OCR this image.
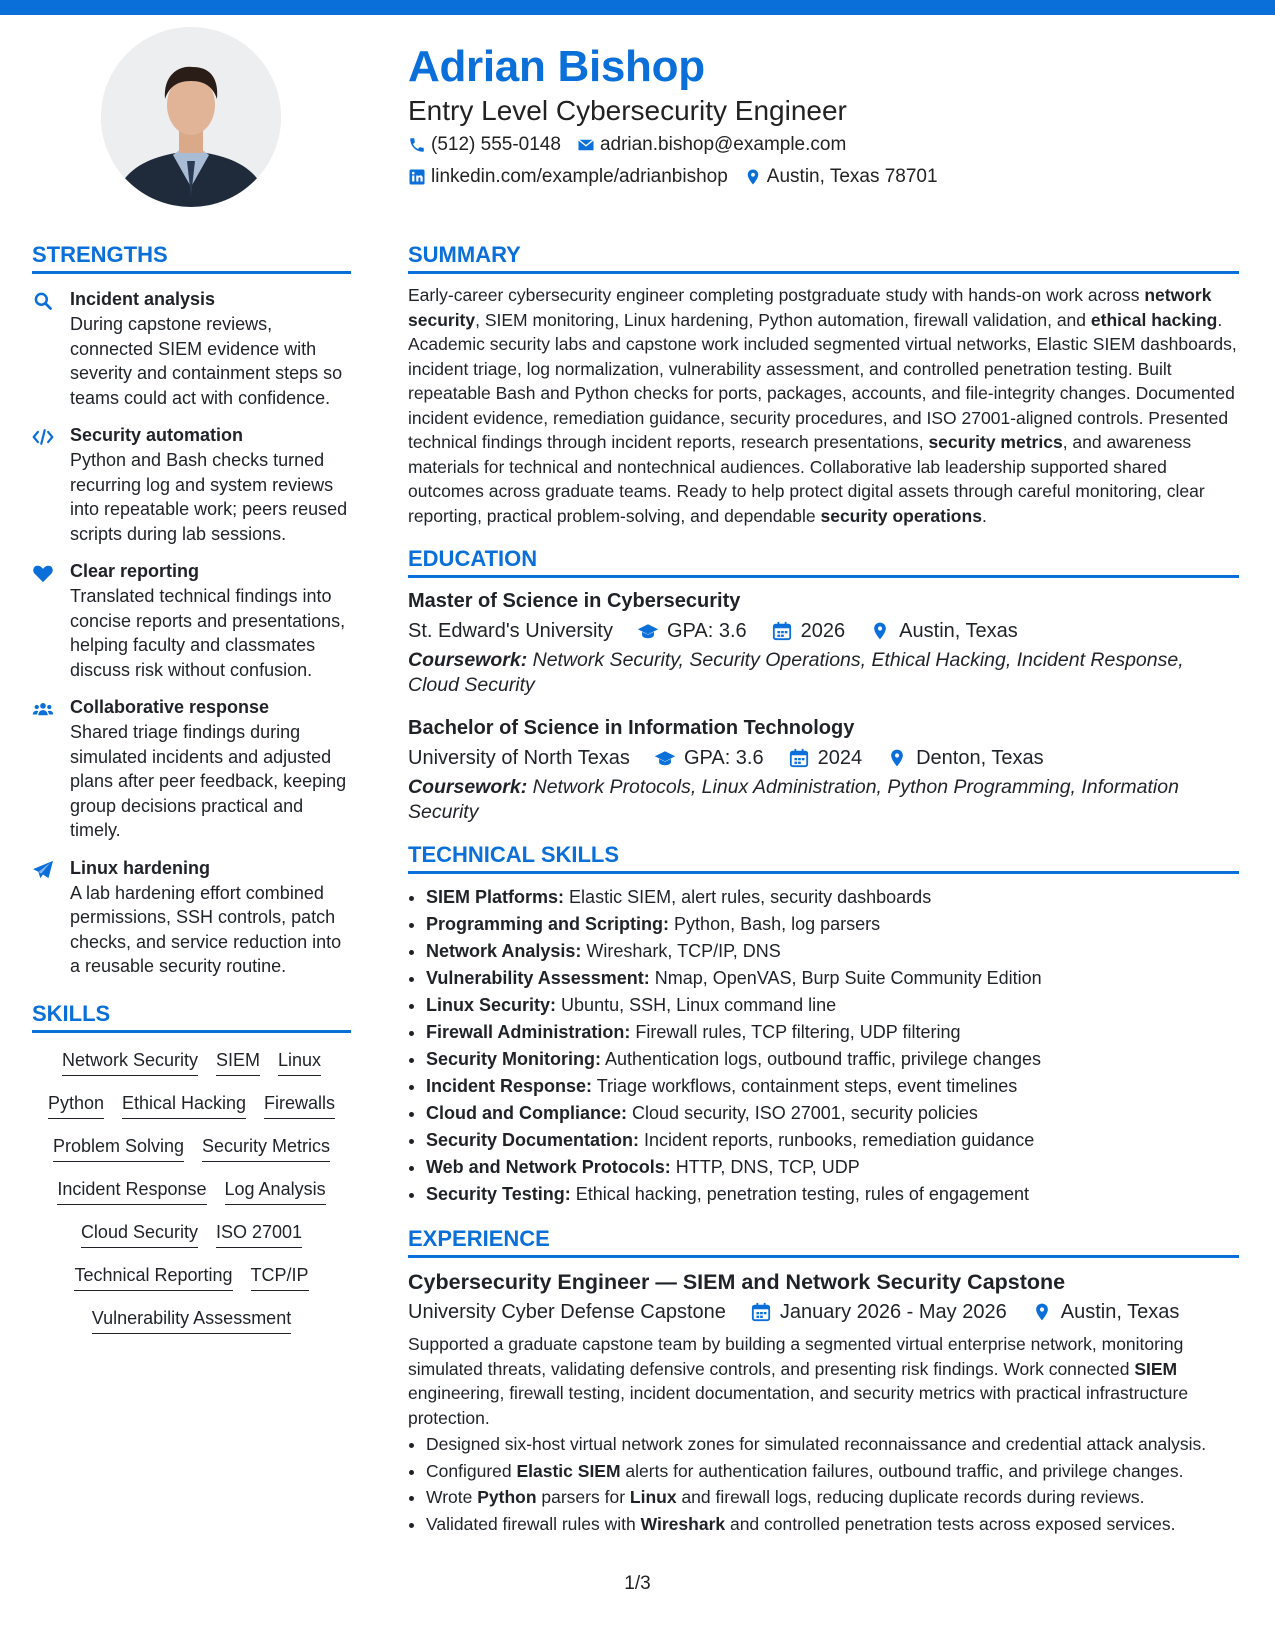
Adrian Bishop
Entry Level Cybersecurity Engineer
(512) 555-0148 adrian.bishop@example.com
linkedin.com/example/adrianbishop Austin, Texas 78701
STRENGTHS
Incident analysis
During capstone reviews, connected SIEM evidence with severity and containment steps so teams could act with confidence.
Security automation
Python and Bash checks turned recurring log and system reviews into repeatable work; peers reused scripts during lab sessions.
Clear reporting
Translated technical findings into concise reports and presentations, helping faculty and classmates discuss risk without confusion.
Collaborative response
Shared triage findings during simulated incidents and adjusted plans after peer feedback, keeping group decisions practical and timely.
Linux hardening
A lab hardening effort combined permissions, SSH controls, patch checks, and service reduction into a reusable security routine.
SKILLS
Network Security SIEM Linux
Python Ethical Hacking Firewalls
Problem Solving Security Metrics
Incident Response Log Analysis
Cloud Security ISO 27001
Technical Reporting TCP/IP
Vulnerability Assessment
SUMMARY

Early-career cybersecurity engineer completing postgraduate study with hands-on work across network security, SIEM monitoring, Linux hardening, Python automation, firewall validation, and ethical hacking. Academic security labs and capstone work included segmented virtual networks, Elastic SIEM dashboards, incident triage, log normalization, vulnerability assessment, and controlled penetration testing. Built repeatable Bash and Python checks for ports, packages, accounts, and file-integrity changes. Documented incident evidence, remediation guidance, security procedures, and ISO 27001-aligned controls. Presented technical findings through incident reports, research presentations, security metrics, and awareness materials for technical and nontechnical audiences. Collaborative lab leadership supported shared outcomes across graduate teams. Ready to help protect digital assets through careful monitoring, clear reporting, practical problem-solving, and dependable security operations.

EDUCATION
Master of Science in Cybersecurity
St. Edward's University	GPA: 3.6	2026	Austin, Texas
Coursework: Network Security, Security Operations, Ethical Hacking, Incident Response, Cloud Security
Bachelor of Science in Information Technology
University of North Texas	GPA: 3.6	2024	Denton, Texas
Coursework: Network Protocols, Linux Administration, Python Programming, Information Security
TECHNICAL SKILLS
• SIEM Platforms: Elastic SIEM, alert rules, security dashboards
• Programming and Scripting: Python, Bash, log parsers
• Network Analysis: Wireshark, TCP/IP, DNS
• Vulnerability Assessment: Nmap, OpenVAS, Burp Suite Community Edition
• Linux Security: Ubuntu, SSH, Linux command line
• Firewall Administration: Firewall rules, TCP filtering, UDP filtering
• Security Monitoring: Authentication logs, outbound traffic, privilege changes
• Incident Response: Triage workflows, containment steps, event timelines
• Cloud and Compliance: Cloud security, ISO 27001, security policies
• Security Documentation: Incident reports, runbooks, remediation guidance
• Web and Network Protocols: HTTP, DNS, TCP, UDP
• Security Testing: Ethical hacking, penetration testing, rules of engagement
EXPERIENCE
Cybersecurity Engineer — SIEM and Network Security Capstone
University Cyber Defense Capstone	January 2026 - May 2026	Austin, Texas
Supported a graduate capstone team by building a segmented virtual enterprise network, monitoring simulated threats, validating defensive controls, and presenting risk findings. Work connected SIEM engineering, firewall testing, incident documentation, and security metrics with practical infrastructure protection.
• Designed six-host virtual network zones for simulated reconnaissance and credential attack analysis.
• Configured Elastic SIEM alerts for authentication failures, outbound traffic, and privilege changes.
• Wrote Python parsers for Linux and firewall logs, reducing duplicate records during reviews.
• Validated firewall rules with Wireshark and controlled penetration tests across exposed services.
1/3
